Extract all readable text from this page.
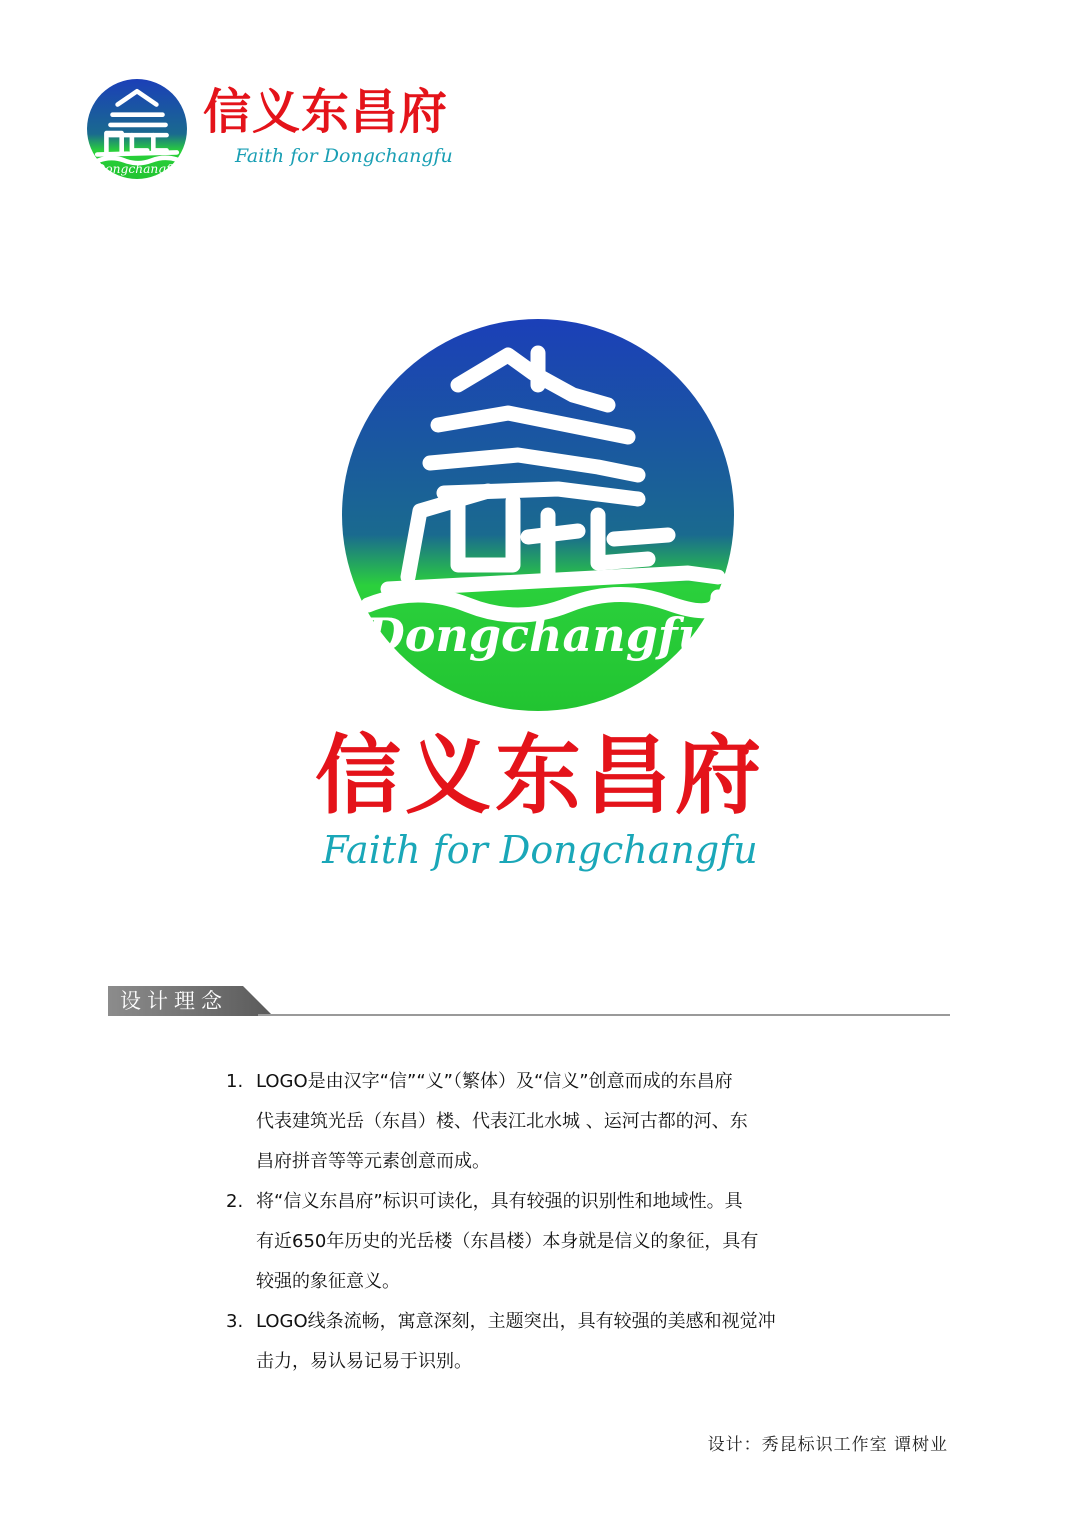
Dongchangfu
信义东昌府
Faith for Dongchangfu
Dongchangfu
信义东昌府
Faith for Dongchangfu
设计理念
1. LOGO是由汉字“信”“义”（繁体）及“信义”创意而成的东昌府
代表建筑光岳（东昌）楼、代表江北水城 、运河古都的河、东
昌府拼音等等元素创意而成。
2. 将“信义东昌府”标识可读化，具有较强的识别性和地域性。具
有近650年历史的光岳楼（东昌楼）本身就是信义的象征，具有
较强的象征意义。
3. LOGO线条流畅，寓意深刻，主题突出，具有较强的美感和视觉冲
击力，易认易记易于识别。
设计：秀昆标识工作室 谭树业
